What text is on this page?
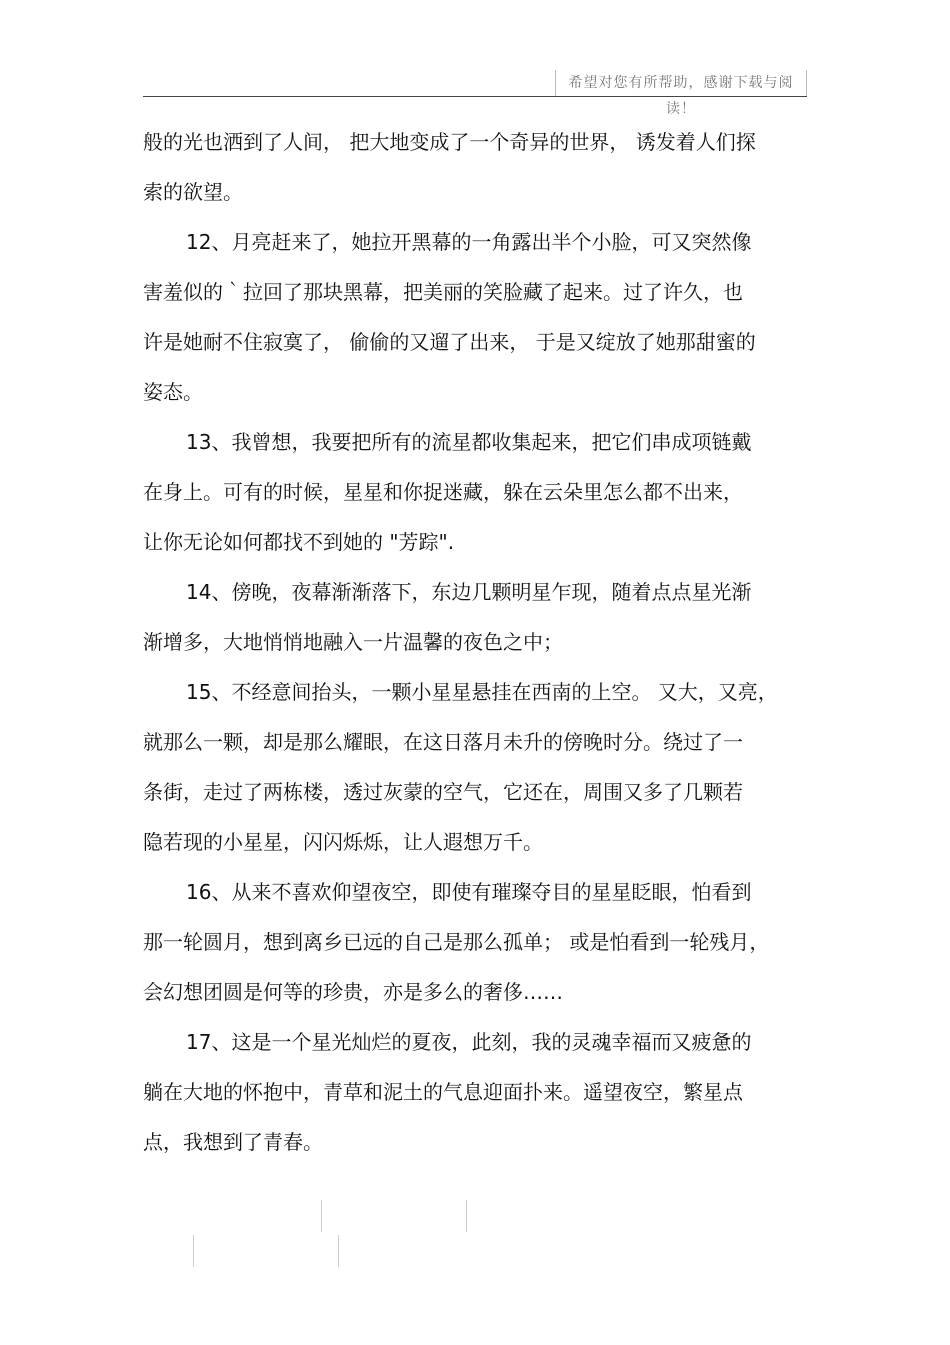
希望对您有所帮助，感谢下载与阅读！
般的光也洒到了人间， 把大地变成了一个奇异的世界， 诱发着人们探
索的欲望。
12、月亮赶来了，她拉开黑幕的一角露出半个小脸，可又突然像
害羞似的｀拉回了那块黑幕，把美丽的笑脸藏了起来。过了许久，也
许是她耐不住寂寞了， 偷偷的又遛了出来， 于是又绽放了她那甜蜜的
姿态。
13、我曾想，我要把所有的流星都收集起来，把它们串成项链戴
在身上。可有的时候，星星和你捉迷藏，躲在云朵里怎么都不出来，
让你无论如何都找不到她的 "芳踪".
14、傍晚，夜幕渐渐落下，东边几颗明星乍现，随着点点星光渐
渐增多，大地悄悄地融入一片温馨的夜色之中；
15、不经意间抬头，一颗小星星悬挂在西南的上空。 又大，又亮，
就那么一颗，却是那么耀眼，在这日落月未升的傍晚时分。绕过了一
条街，走过了两栋楼，透过灰蒙的空气，它还在，周围又多了几颗若
隐若现的小星星，闪闪烁烁，让人遐想万千。
16、从来不喜欢仰望夜空，即使有璀璨夺目的星星眨眼，怕看到
那一轮圆月，想到离乡已远的自己是那么孤单； 或是怕看到一轮残月，
会幻想团圆是何等的珍贵，亦是多么的奢侈……
17、这是一个星光灿烂的夏夜，此刻，我的灵魂幸福而又疲惫的
躺在大地的怀抱中，青草和泥土的气息迎面扑来。遥望夜空，繁星点
点，我想到了青春。
